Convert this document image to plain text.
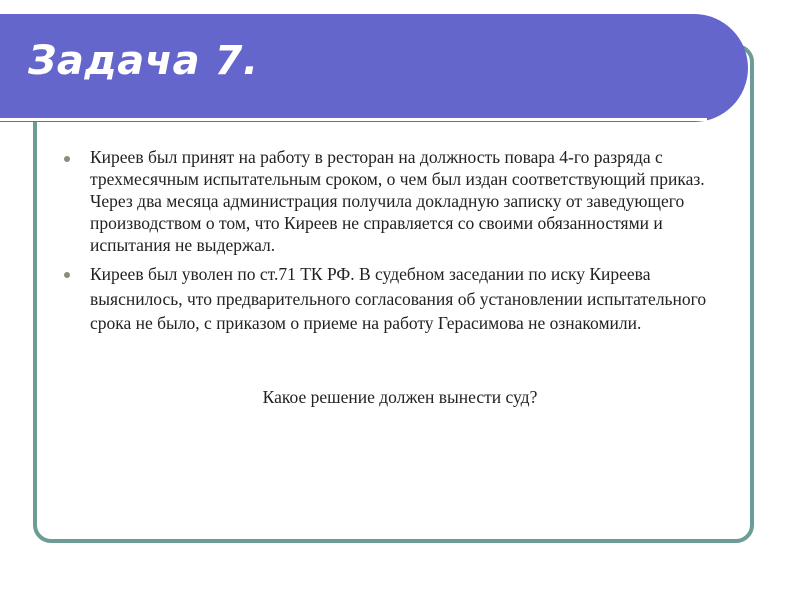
Задача 7.
Киреев был принят на работу в ресторан на должность повара 4-го разряда с трехмесячным испытательным сроком, о чем был издан соответствующий приказ. Через два месяца администрация получила докладную записку от заведующего производством о том, что Киреев не справляется со своими обязанностями и испытания не выдержал.
Киреев был уволен по ст.71 ТК РФ. В судебном заседании по иску Киреева выяснилось, что предварительного согласования об установлении испытательного срока не было, с приказом о приеме на работу Герасимова не ознакомили.
Какое решение должен вынести суд?
